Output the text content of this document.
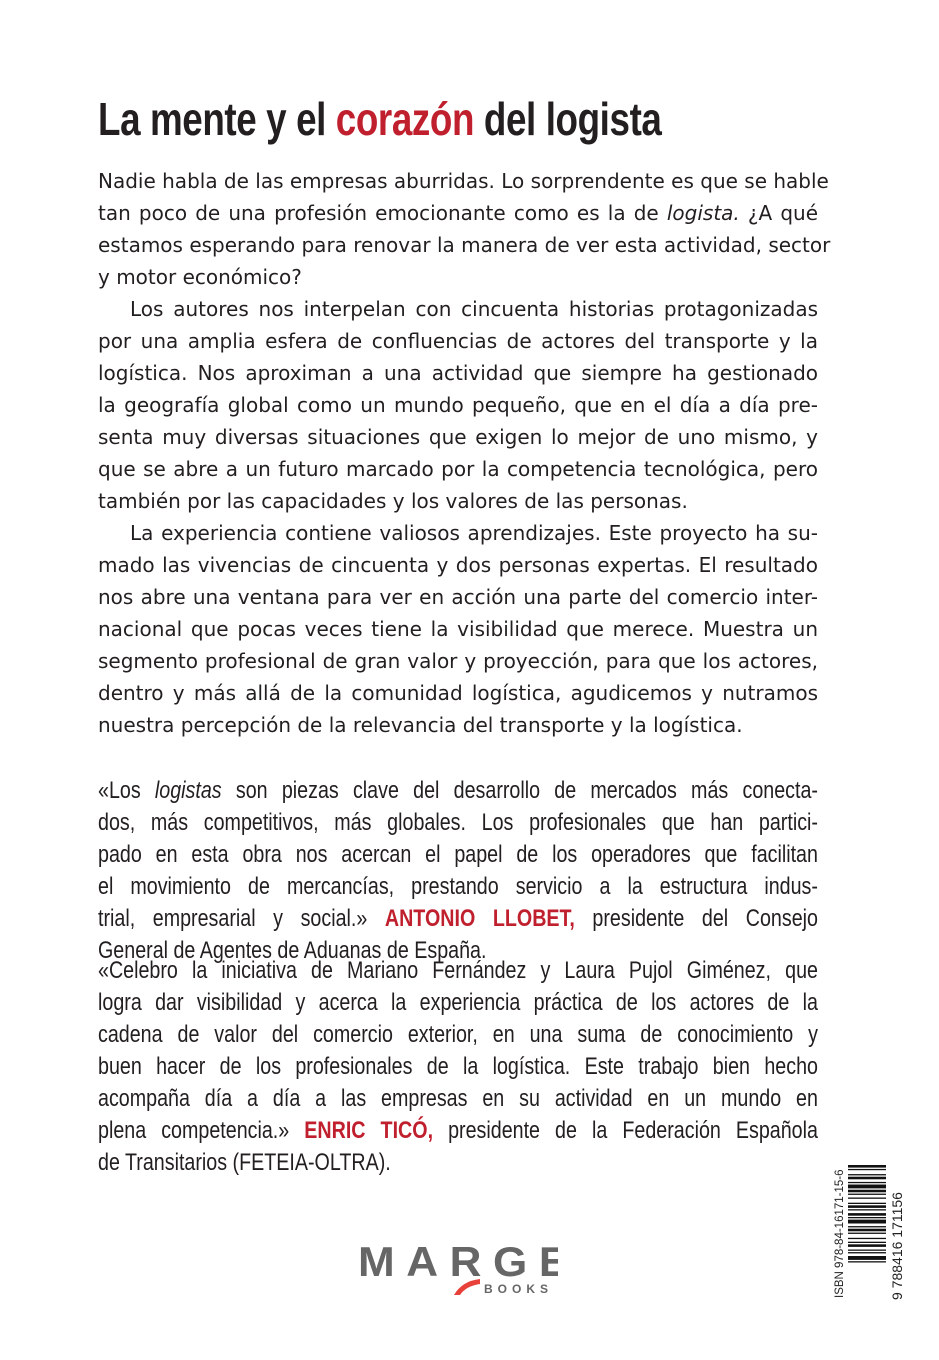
La mente y el corazón del logista
Nadie habla de las empresas aburridas. Lo sorprendente es que se hable
tan poco de una profesión emocionante como es la de logista. ¿A qué
estamos esperando para renovar la manera de ver esta actividad, sector
y motor económico?
Los autores nos interpelan con cincuenta historias protagonizadas
por una amplia esfera de confluencias de actores del transporte y la
logística. Nos aproximan a una actividad que siempre ha gestionado
la geografía global como un mundo pequeño, que en el día a día pre-
senta muy diversas situaciones que exigen lo mejor de uno mismo, y
que se abre a un futuro marcado por la competencia tecnológica, pero
también por las capacidades y los valores de las personas.
La experiencia contiene valiosos aprendizajes. Este proyecto ha su-
mado las vivencias de cincuenta y dos personas expertas. El resultado
nos abre una ventana para ver en acción una parte del comercio inter-
nacional que pocas veces tiene la visibilidad que merece. Muestra un
segmento profesional de gran valor y proyección, para que los actores,
dentro y más allá de la comunidad logística, agudicemos y nutramos
nuestra percepción de la relevancia del transporte y la logística.
«Los logistas son piezas clave del desarrollo de mercados más conecta-
dos, más competitivos, más globales. Los profesionales que han partici-
pado en esta obra nos acercan el papel de los operadores que facilitan
el movimiento de mercancías, prestando servicio a la estructura indus-
trial, empresarial y social.» ANTONIO LLOBET, presidente del Consejo
General de Agentes de Aduanas de España.
«Celebro la iniciativa de Mariano Fernández y Laura Pujol Giménez, que
logra dar visibilidad y acerca la experiencia práctica de los actores de la
cadena de valor del comercio exterior, en una suma de conocimiento y
buen hacer de los profesionales de la logística. Este trabajo bien hecho
acompaña día a día a las empresas en su actividad en un mundo en
plena competencia.» ENRIC TICÓ, presidente de la Federación Española
de Transitarios (FETEIA-OLTRA).
MARGE
BOOKS	ISBN 978-84-16171-15-6	9 788416 171156
